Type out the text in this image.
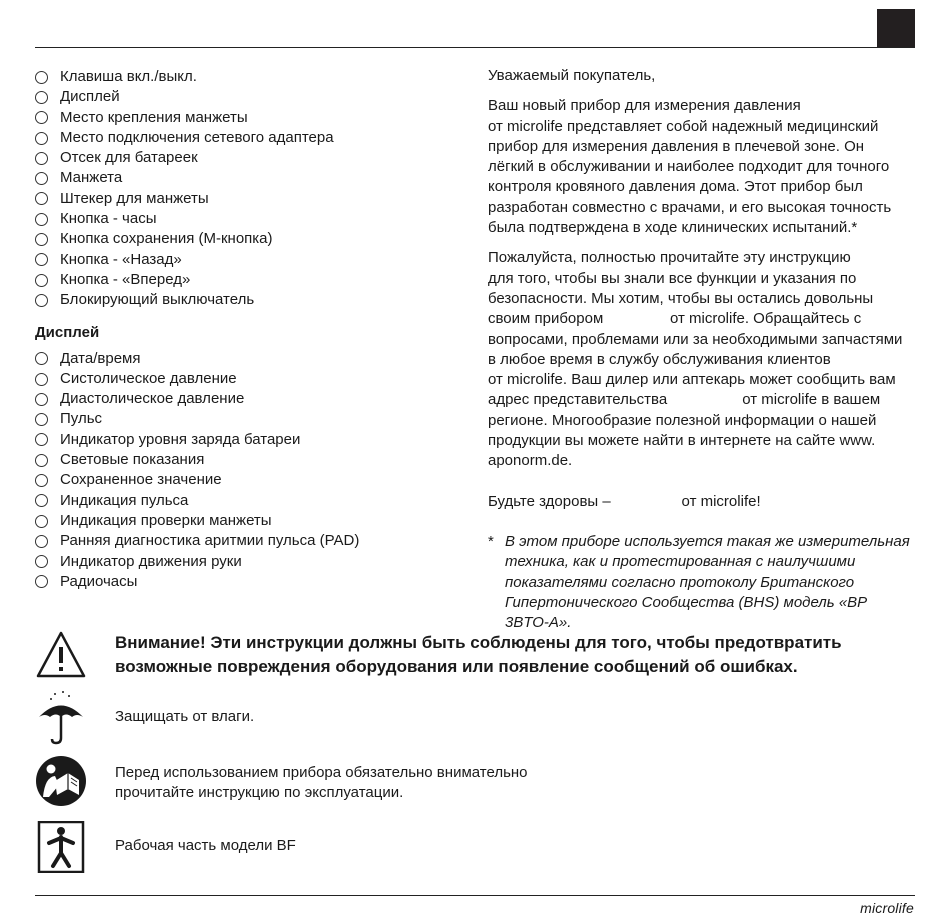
Клавиша вкл./выкл.
Дисплей
Место крепления манжеты
Место подключения сетевого адаптера
Отсек для батареек
Манжета
Штекер для манжеты
Кнопка - часы
Кнопка сохранения (М-кнопка)
Кнопка - «Назад»
Кнопка - «Вперед»
Блокирующий выключатель
Дисплей
Дата/время
Систолическое давление
Диастолическое давление
Пульс
Индикатор уровня заряда батареи
Световые показания
Сохраненное значение
Индикация пульса
Индикация проверки манжеты
Ранняя диагностика аритмии пульса (PAD)
Индикатор движения руки
Радиочасы

Уважаемый покупатель,

Ваш новый прибор для измерения давления

от microlife представляет собой надежный медицинский

прибор для измерения давления в плечевой зоне. Он

лёгкий в обслуживании и наиболее подходит для точного

контроля кровяного давления дома. Этот прибор был

разработан совместно с врачами, и его высокая точность

была подтверждена в ходе клинических испытаний.*

Пожалуйста, полностью прочитайте эту инструкцию

для того, чтобы вы знали все функции и указания по

безопасности. Мы хотим, чтобы вы остались довольны

своим прибором                от microlife. Обращайтесь с

вопросами, проблемами или за необходимыми запчастями

в любое время в службу обслуживания клиентов

от microlife. Ваш дилер или аптекарь может сообщить вам

адрес представительства                  от microlife в вашем

регионе. Многообразие полезной информации о нашей

продукции вы можете найти в интернете на сайте www.

aponorm.de.

Будьте здоровы –                 от microlife!

* В этом приборе используется такая же измерительная

техника, как и протестированная с наилучшими

показателями согласно протоколу Британского

Гипертонического Сообщества (BHS) модель «BP

3BTO-A».

Внимание! Эти инструкции должны быть соблюдены для того, чтобы предотвратить
возможные повреждения оборудования или появление сообщений об ошибках.
Защищать от влаги.
Перед использованием прибора обязательно внимательно
прочитайте инструкцию по эксплуатации.
Рабочая часть модели BF
microlife
